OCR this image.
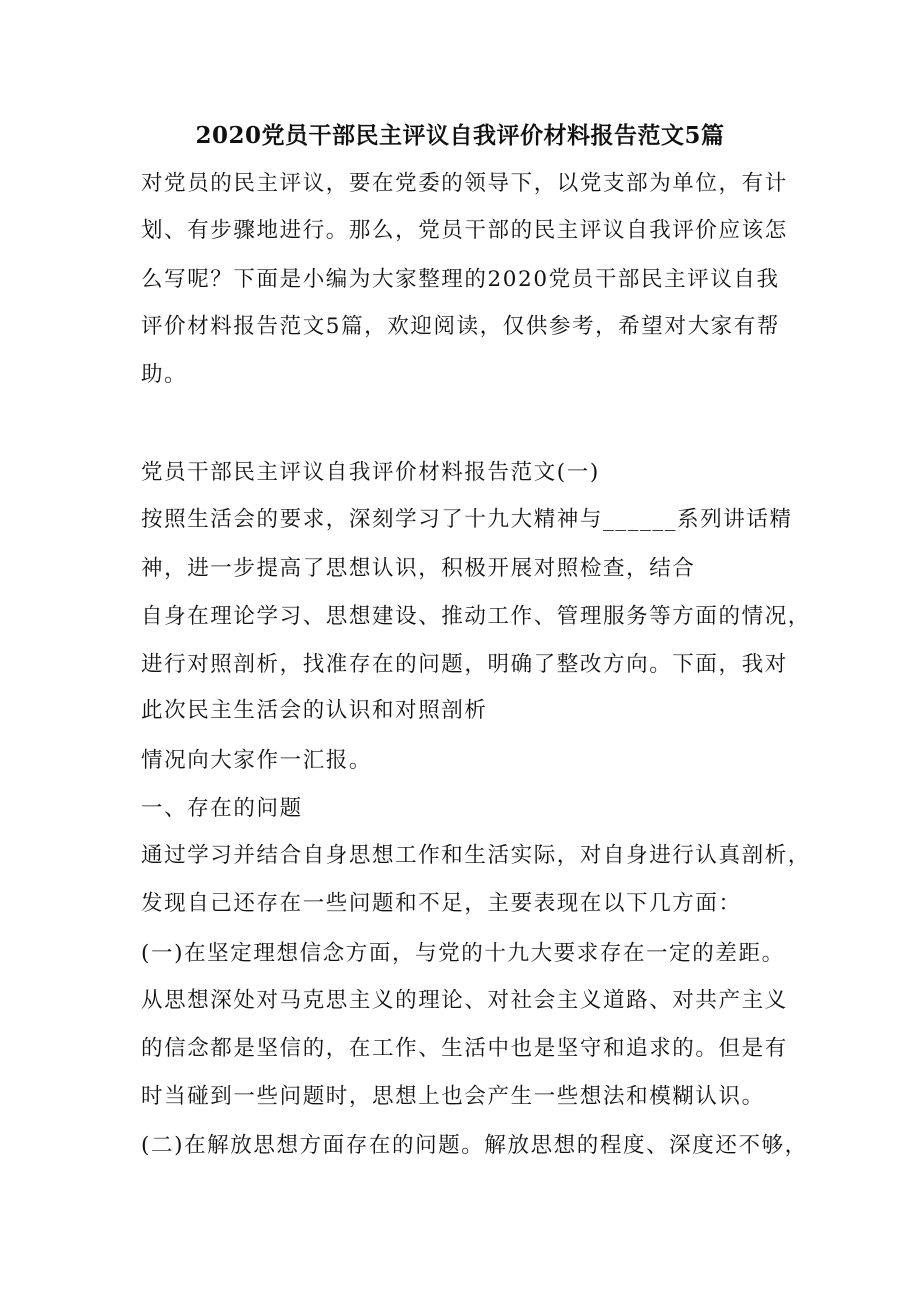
2020党员干部民主评议自我评价材料报告范文5篇
对党员的民主评议，要在党委的领导下，以党支部为单位，有计
划、有步骤地进行。那么，党员干部的民主评议自我评价应该怎
么写呢？下面是小编为大家整理的2020党员干部民主评议自我
评价材料报告范文5篇，欢迎阅读，仅供参考，希望对大家有帮
助。
党员干部民主评议自我评价材料报告范文(一)
按照生活会的要求，深刻学习了十九大精神与______系列讲话精
神，进一步提高了思想认识，积极开展对照检查，结合
自身在理论学习、思想建设、推动工作、管理服务等方面的情况，
进行对照剖析，找准存在的问题，明确了整改方向。下面，我对
此次民主生活会的认识和对照剖析
情况向大家作一汇报。
一、存在的问题
通过学习并结合自身思想工作和生活实际，对自身进行认真剖析，
发现自己还存在一些问题和不足，主要表现在以下几方面：
(一)在坚定理想信念方面，与党的十九大要求存在一定的差距。
从思想深处对马克思主义的理论、对社会主义道路、对共产主义
的信念都是坚信的，在工作、生活中也是坚守和追求的。但是有
时当碰到一些问题时，思想上也会产生一些想法和模糊认识。
(二)在解放思想方面存在的问题。解放思想的程度、深度还不够，
